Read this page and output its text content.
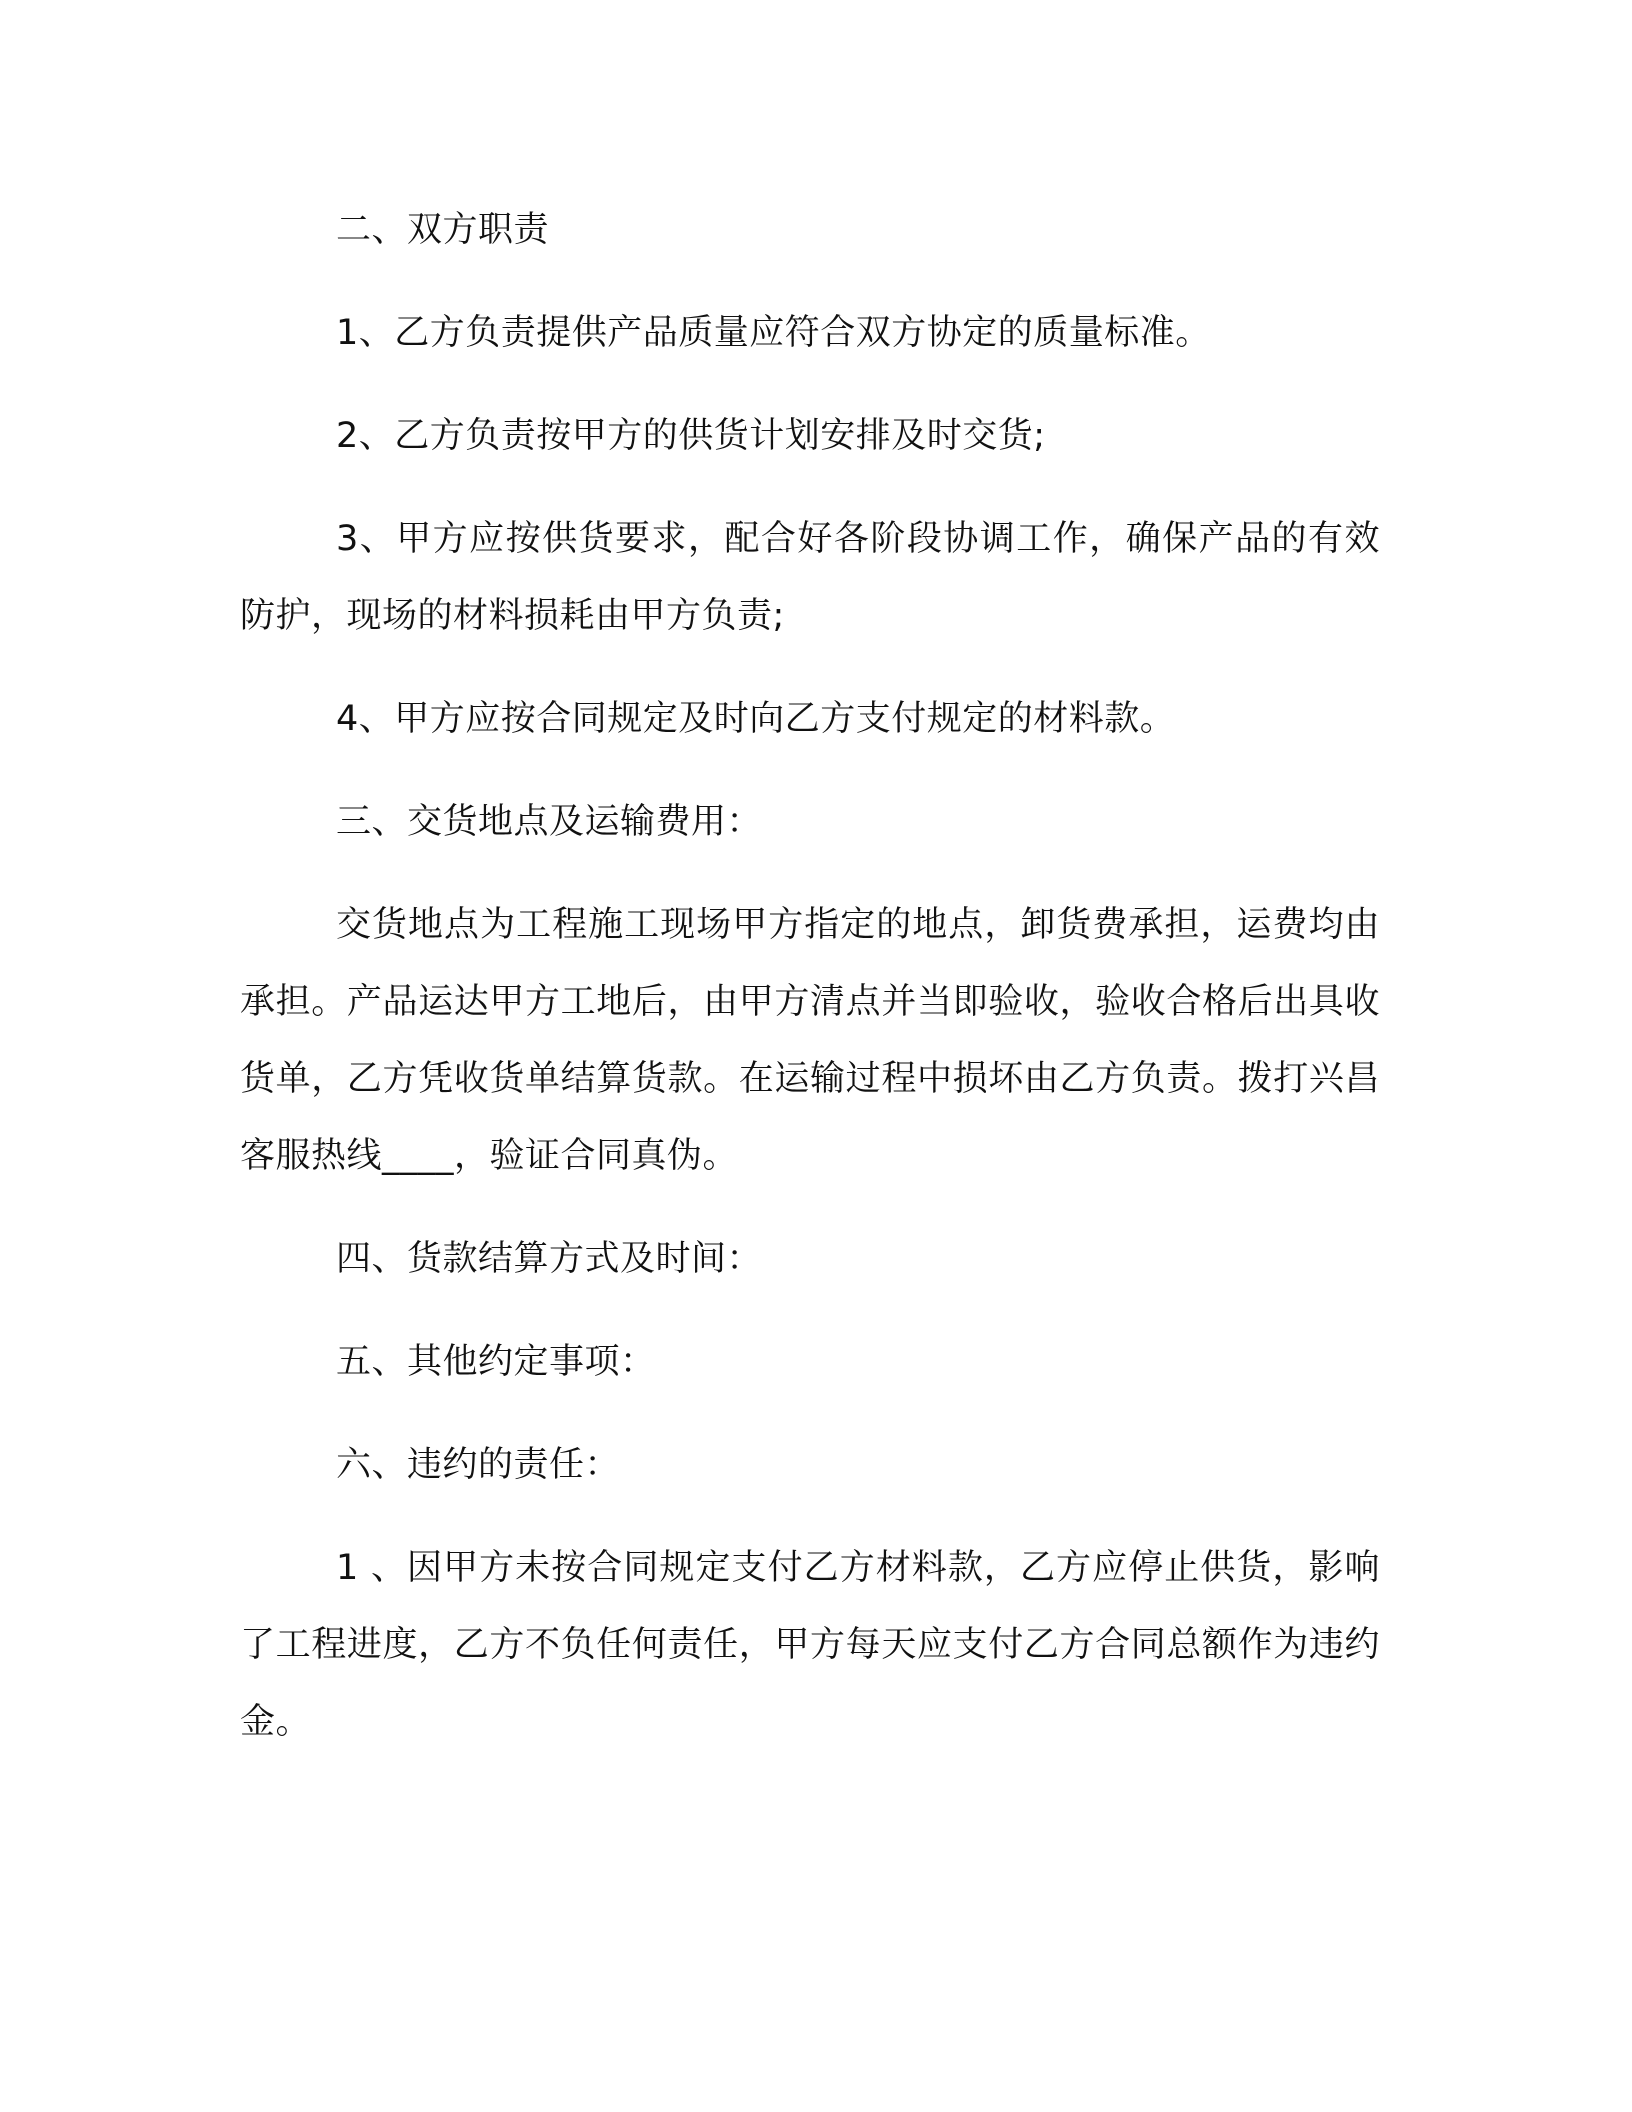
二、双方职责

1、乙方负责提供产品质量应符合双方协定的质量标准。

2、乙方负责按甲方的供货计划安排及时交货;

3、甲方应按供货要求，配合好各阶段协调工作，确保产品的有效防护，现场的材料损耗由甲方负责;

4、甲方应按合同规定及时向乙方支付规定的材料款。

三、交货地点及运输费用：

交货地点为工程施工现场甲方指定的地点，卸货费承担，运费均由承担。产品运达甲方工地后，由甲方清点并当即验收，验收合格后出具收货单，乙方凭收货单结算货款。在运输过程中损坏由乙方负责。拨打兴昌客服热线____，验证合同真伪。

四、货款结算方式及时间：

五、其他约定事项：

六、违约的责任：

1 、因甲方未按合同规定支付乙方材料款，乙方应停止供货，影响了工程进度，乙方不负任何责任，甲方每天应支付乙方合同总额作为违约金。
